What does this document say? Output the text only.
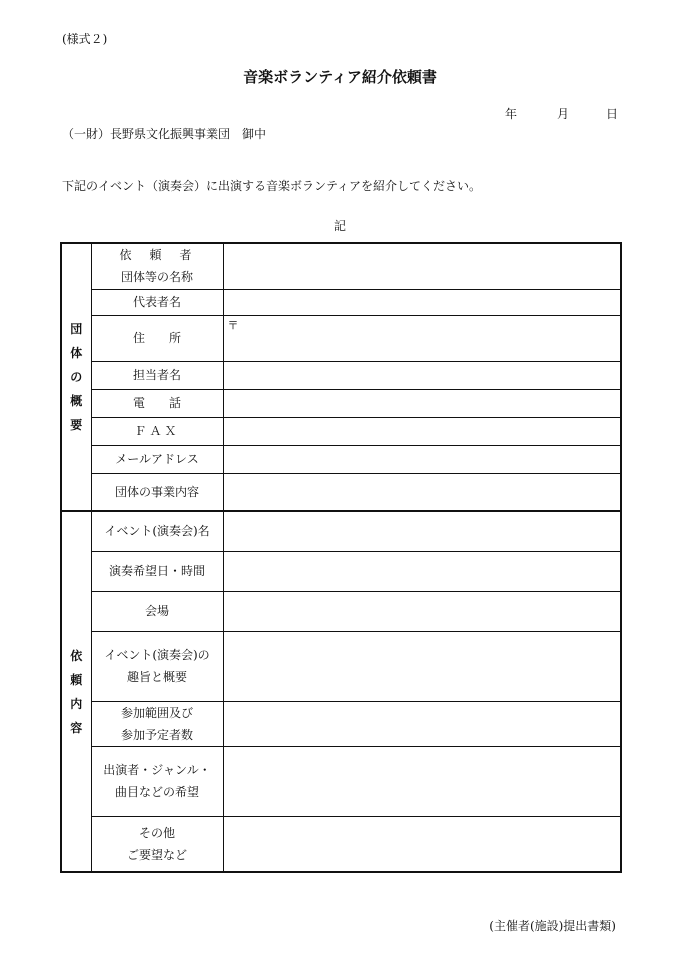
(様式２)
音楽ボランティア紹介依頼書
年	月	日
（一財）長野県文化振興事業団　御中
下記のイベント（演奏会）に出演する音楽ボランティアを紹介してください。
記
団体の概要	依　頼　者
団体等の名称	

	代表者名	
	住　　所	〒

	担当者名	
	電　　話	
	ＦＡＸ	
	メールアドレス	
	団体の事業内容	
依頼内容	イベント(演奏会)名	
	演奏希望日・時間	
	会場	

	イベント(演奏会)の
趣旨と概要	

	参加範囲及び
参加予定者数	

	出演者・ジャンル・
曲目などの希望	

	その他
ご要望など	

(主催者(施設)提出書類)
